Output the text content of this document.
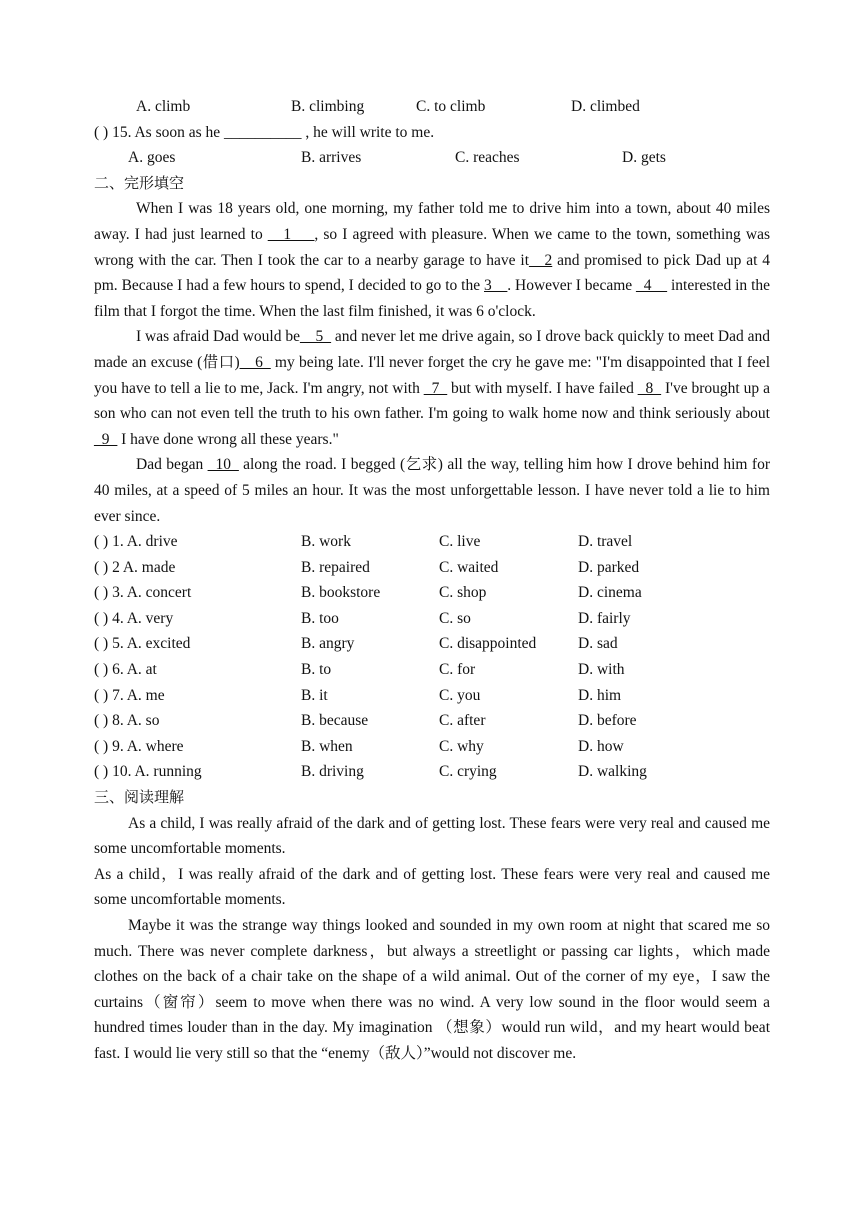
A. climb	B. climbing	C. to climb	D. climbed
( ) 15. As soon as he __________ , he will write to me.
A. goes	B. arrives	C. reaches	D. gets
二、完形填空

When I was 18 years old, one morning, my father told me to drive him into a town, about 40 miles away. I had just learned to __1___, so I agreed with pleasure. When we came to the town, something was wrong with the car. Then I took the car to a nearby garage to have it__2 and promised to pick Dad up at 4 pm. Because I had a few hours to spend, I decided to go to the 3__. However I became _4__ interested in the film that I forgot the time. When the last film finished, it was 6 o'clock.

I was afraid Dad would be__5_ and never let me drive again, so I drove back quickly to meet Dad and made an excuse (借口)__6_ my being late. I'll never forget the cry he gave me: "I'm disappointed that I feel you have to tell a lie to me, Jack. I'm angry, not with _7_ but with myself. I have failed _8_ I've brought up a son who can not even tell the truth to his own father. I'm going to walk home now and think seriously about _9_ I have done wrong all these years."

Dad began _10_ along the road. I begged (乞求) all the way, telling him how I drove behind him for 40 miles, at a speed of 5 miles an hour. It was the most unforgettable lesson. I have never told a lie to him ever since.

( ) 1. A. drive	B. work	C. live	D. travel
( ) 2 A. made	B. repaired	C. waited	D. parked
( ) 3. A. concert	B. bookstore	C. shop	D. cinema
( ) 4. A. very	B. too	C. so	D. fairly
( ) 5. A. excited	B. angry	C. disappointed	D. sad
( ) 6. A. at	B. to	C. for	D. with
( ) 7. A. me	B. it	C. you	D. him
( ) 8. A. so	B. because	C. after	D. before
( ) 9. A. where	B. when	C. why	D. how
( ) 10. A. running	B. driving	C. crying	D. walking
三、阅读理解

As a child, I was really afraid of the dark and of getting lost. These fears were very real and caused me some uncomfortable moments.

As a child，I was really afraid of the dark and of getting lost. These fears were very real and caused me some uncomfortable moments.

Maybe it was the strange way things looked and sounded in my own room at night that scared me so much. There was never complete darkness，but always a streetlight or passing car lights，which made clothes on the back of a chair take on the shape of a wild animal. Out of the corner of my eye，I saw the curtains（窗帘）seem to move when there was no wind. A very low sound in the floor would seem a hundred times louder than in the day. My imagination （想象）would run wild，and my heart would beat fast. I would lie very still so that the “enemy（敌人）”would not discover me.
